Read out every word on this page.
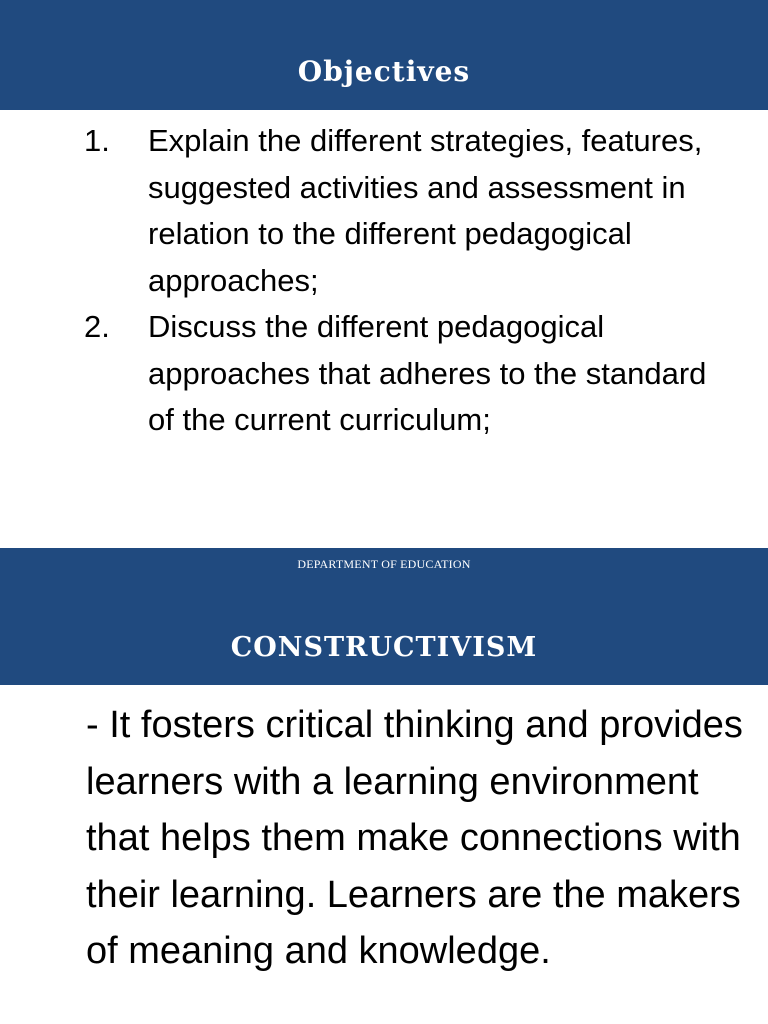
Objectives
1. Explain the different strategies, features, suggested activities and assessment in relation to the different pedagogical approaches;
2. Discuss the different pedagogical approaches that adheres to the standard of the current curriculum;
DEPARTMENT OF EDUCATION
CONSTRUCTIVISM

- It fosters critical thinking and provides learners with a learning environment that helps them make connections with their learning. Learners are the makers of meaning and knowledge.
